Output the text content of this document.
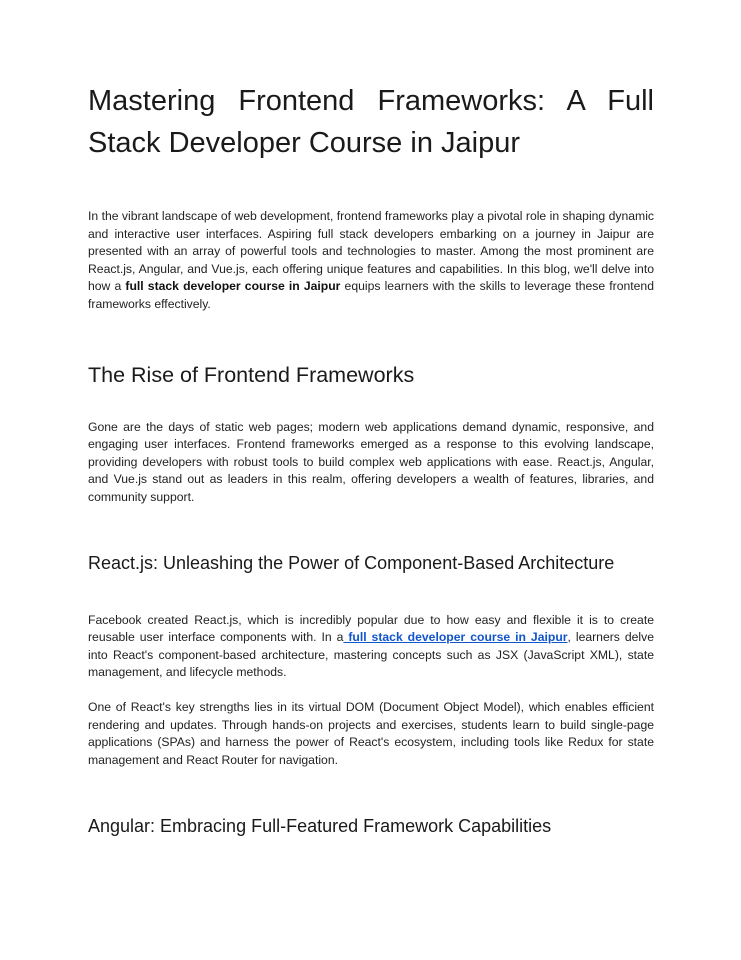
Mastering Frontend Frameworks: A Full Stack Developer Course in Jaipur

In the vibrant landscape of web development, frontend frameworks play a pivotal role in shaping dynamic and interactive user interfaces. Aspiring full stack developers embarking on a journey in Jaipur are presented with an array of powerful tools and technologies to master. Among the most prominent are React.js, Angular, and Vue.js, each offering unique features and capabilities. In this blog, we'll delve into how a full stack developer course in Jaipur equips learners with the skills to leverage these frontend frameworks effectively.

The Rise of Frontend Frameworks

Gone are the days of static web pages; modern web applications demand dynamic, responsive, and engaging user interfaces. Frontend frameworks emerged as a response to this evolving landscape, providing developers with robust tools to build complex web applications with ease. React.js, Angular, and Vue.js stand out as leaders in this realm, offering developers a wealth of features, libraries, and community support.

React.js: Unleashing the Power of Component-Based Architecture

Facebook created React.js, which is incredibly popular due to how easy and flexible it is to create reusable user interface components with. In a full stack developer course in Jaipur, learners delve into React's component-based architecture, mastering concepts such as JSX (JavaScript XML), state management, and lifecycle methods.

One of React's key strengths lies in its virtual DOM (Document Object Model), which enables efficient rendering and updates. Through hands-on projects and exercises, students learn to build single-page applications (SPAs) and harness the power of React's ecosystem, including tools like Redux for state management and React Router for navigation.

Angular: Embracing Full-Featured Framework Capabilities
